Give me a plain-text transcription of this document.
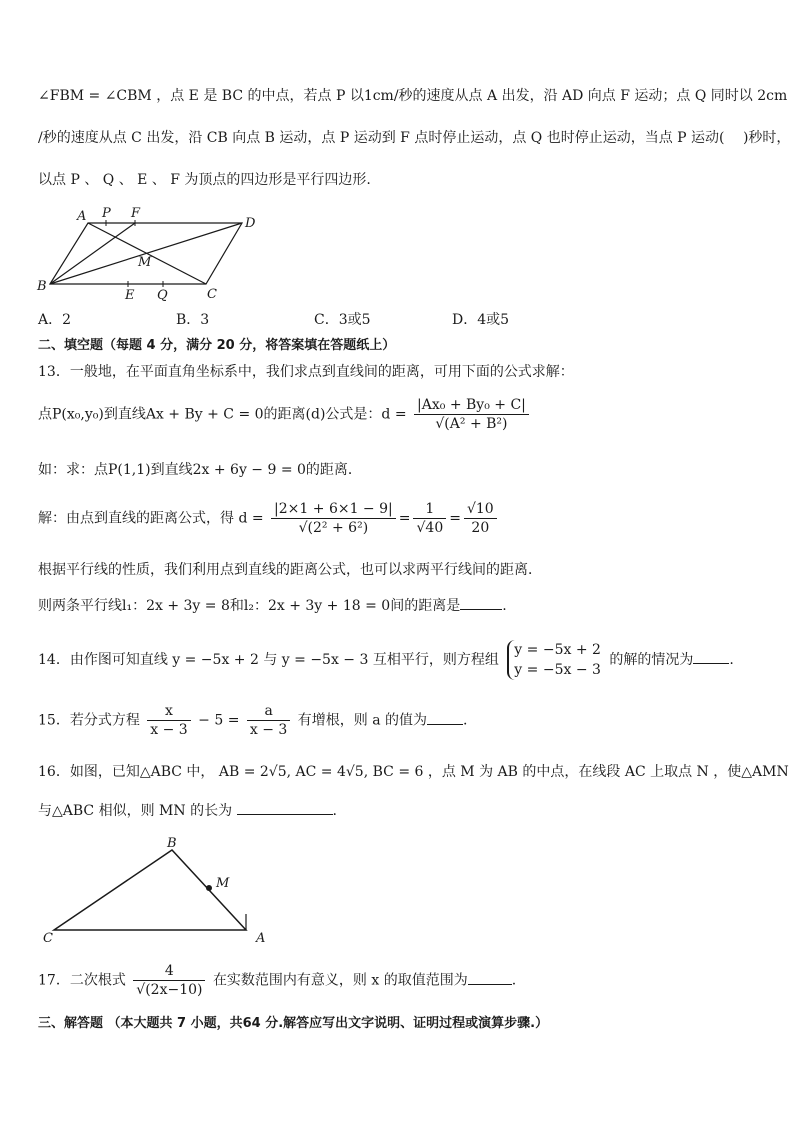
∠FBM = ∠CBM ，点 E 是 BC 的中点，若点 P 以1cm/秒的速度从点 A 出发，沿 AD 向点 F 运动；点 Q 同时以 2cm
/秒的速度从点 C 出发，沿 CB 向点 B 运动，点 P 运动到 F 点时停止运动，点 Q 也时停止运动，当点 P 运动(　 )秒时，
以点 P 、 Q 、 E 、 F 为顶点的四边形是平行四边形.
A P F
D
M
B
E Q	C
A．2	B．3	C．3或5	D．4或5
二、填空题（每题 4 分，满分 20 分，将答案填在答题纸上）
13．一般地，在平面直角坐标系中，我们求点到直线间的距离，可用下面的公式求解：
点P(x₀,y₀)到直线Ax + By + C = 0的距离(d)公式是：$d = \frac{\text{|Ax₀ + By₀ + C|}}{\text{√(A² + B²)}}$
如：求：点P(1,1)到直线2x + 6y − 9 = 0的距离．
解：由点到直线的距离公式，得 $d = \frac{|2\times 1 + 6\times 1 - 9|}{\text{√(2² + 6²)}} = \frac{1}{√40} = \frac{√10}{20}$
根据平行线的性质，我们利用点到直线的距离公式，也可以求两平行线间的距离．
则两条平行线l₁：2x + 3y = 8和l₂：2x + 3y + 18 = 0间的距离是	.
14．由作图可知直线 y = −5x + 2 与 y = −5x − 3 互相平行，则方程组
y = −5x + 2
y = −5x − 3
的解的情况为	.
15．若分式方程 $\frac{x}{x - 3} - 5 = \frac{a}{x - 3}$ 有增根，则 a 的值为	.
16．如图，已知△ABC 中， AB = 2√5, AC = 4√5, BC = 6 ，点 M 为 AB 的中点，在线段 AC 上取点 N ，使△AMN
与△ABC 相似，则 MN 的长为	.
B
M
C	A
17．二次根式 $\frac{4}{√(2x-10)}$ 在实数范围内有意义，则 x 的取值范围为	.
三、解答题 （本大题共 7 小题，共64 分.解答应写出文字说明、证明过程或演算步骤.）
